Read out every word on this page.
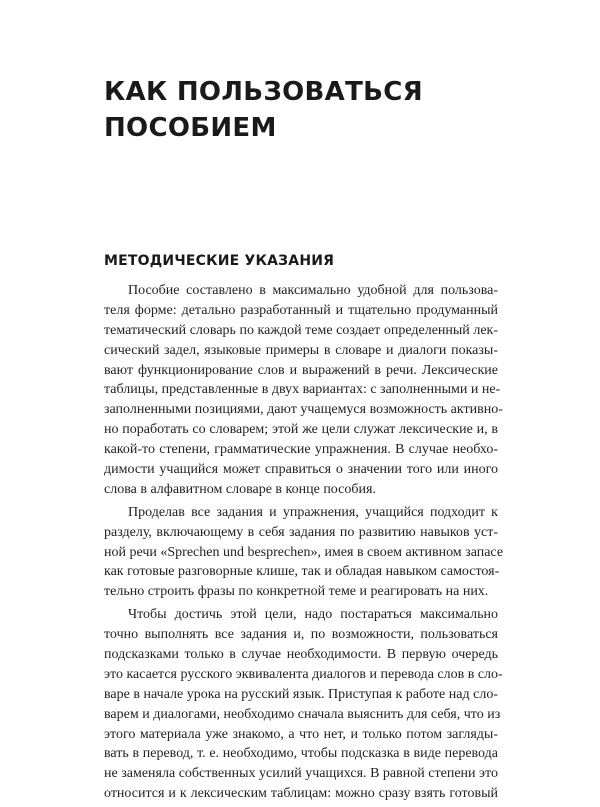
КАК ПОЛЬЗОВАТЬСЯ
ПОСОБИЕМ
МЕТОДИЧЕСКИЕ УКАЗАНИЯ
Пособие составлено в максимально удобной для пользова-
теля форме: детально разработанный и тщательно продуманный
тематический словарь по каждой теме создает определенный лек-
сический задел, языковые примеры в словаре и диалоги показы-
вают функционирование слов и выражений в речи. Лексические
таблицы, представленные в двух вариантах: с заполненными и не-
заполненными позициями, дают учащемуся возможность активно-
но поработать со словарем; этой же цели служат лексические и, в
какой-то степени, грамматические упражнения. В случае необхо-
димости учащийся может справиться о значении того или иного
слова в алфавитном словаре в конце пособия.
Проделав все задания и упражнения, учащийся подходит к
разделу, включающему в себя задания по развитию навыков уст-
ной речи «Sprechen und besprechen», имея в своем активном запасе
как готовые разговорные клише, так и обладая навыком самостоя-
тельно строить фразы по конкретной теме и реагировать на них.
Чтобы достичь этой цели, надо постараться максимально
точно выполнять все задания и, по возможности, пользоваться
подсказками только в случае необходимости. В первую очередь
это касается русского эквивалента диалогов и перевода слов в сло-
варе в начале урока на русский язык. Приступая к работе над сло-
варем и диалогами, необходимо сначала выяснить для себя, что из
этого материала уже знакомо, а что нет, и только потом загляды-
вать в перевод, т. е. необходимо, чтобы подсказка в виде перевода
не заменяла собственных усилий учащихся. В равной степени это
относится и к лексическим таблицам: можно сразу взять готовый
